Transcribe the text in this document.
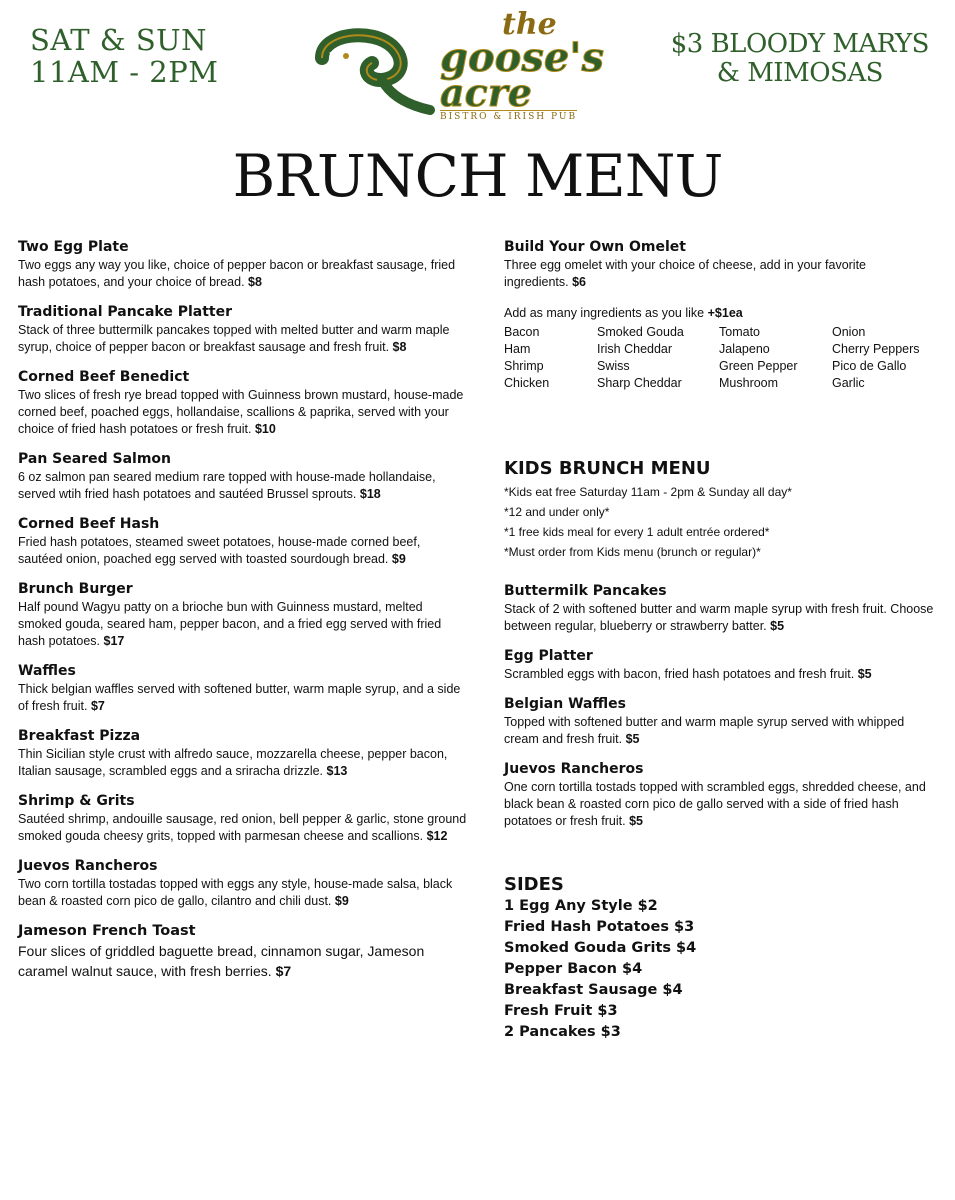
SAT & SUN
11AM - 2PM
the
goose's
acre
BISTRO & IRISH PUB
$3 BLOODY MARYS
& MIMOSAS
BRUNCH MENU
Two Egg Plate
Two eggs any way you like, choice of pepper bacon or breakfast sausage, fried hash potatoes, and your choice of bread. $8
Traditional Pancake Platter
Stack of three buttermilk pancakes topped with melted butter and warm maple syrup, choice of pepper bacon or breakfast sausage and fresh fruit. $8
Corned Beef Benedict
Two slices of fresh rye bread topped with Guinness brown mustard, house-made corned beef, poached eggs, hollandaise, scallions & paprika, served with your choice of fried hash potatoes or fresh fruit. $10
Pan Seared Salmon
6 oz salmon pan seared medium rare topped with house-made hollandaise, served wtih fried hash potatoes and sautéed Brussel sprouts. $18
Corned Beef Hash
Fried hash potatoes, steamed sweet potatoes, house-made corned beef, sautéed onion, poached egg served with toasted sourdough bread. $9
Brunch Burger
Half pound Wagyu patty on a brioche bun with Guinness mustard, melted smoked gouda, seared ham, pepper bacon, and a fried egg served with fried hash potatoes. $17
Waffles
Thick belgian waffles served with softened butter, warm maple syrup, and a side of fresh fruit. $7
Breakfast Pizza
Thin Sicilian style crust with alfredo sauce, mozzarella cheese, pepper bacon, Italian sausage, scrambled eggs and a sriracha drizzle. $13
Shrimp & Grits
Sautéed shrimp, andouille sausage, red onion, bell pepper & garlic, stone ground smoked gouda cheesy grits, topped with parmesan cheese and scallions. $12
Juevos Rancheros
Two corn tortilla tostadas topped with eggs any style, house-made salsa, black bean & roasted corn pico de gallo, cilantro and chili dust. $9
Jameson French Toast
Four slices of griddled baguette bread, cinnamon sugar, Jameson caramel walnut sauce, with fresh berries. $7
Build Your Own Omelet
Three egg omelet with your choice of cheese, add in your favorite ingredients. $6
Add as many ingredients as you like +$1ea
Bacon	Smoked Gouda	Tomato	Onion
Ham	Irish Cheddar	Jalapeno	Cherry Peppers
Shrimp	Swiss	Green Pepper	Pico de Gallo
Chicken	Sharp Cheddar	Mushroom	Garlic
KIDS BRUNCH MENU
*Kids eat free Saturday 11am - 2pm & Sunday all day*
*12 and under only*
*1 free kids meal for every 1 adult entrée ordered*
*Must order from Kids menu (brunch or regular)*
Buttermilk Pancakes
Stack of 2 with softened butter and warm maple syrup with fresh fruit. Choose between regular, blueberry or strawberry batter. $5
Egg Platter
Scrambled eggs with bacon, fried hash potatoes and fresh fruit. $5
Belgian Waffles
Topped with softened butter and warm maple syrup served with whipped cream and fresh fruit. $5
Juevos Rancheros
One corn tortilla tostads topped with scrambled eggs, shredded cheese, and black bean & roasted corn pico de gallo served with a side of fried hash potatoes or fresh fruit. $5
SIDES
1 Egg Any Style $2
Fried Hash Potatoes $3
Smoked Gouda Grits $4
Pepper Bacon $4
Breakfast Sausage $4
Fresh Fruit $3
2 Pancakes $3
